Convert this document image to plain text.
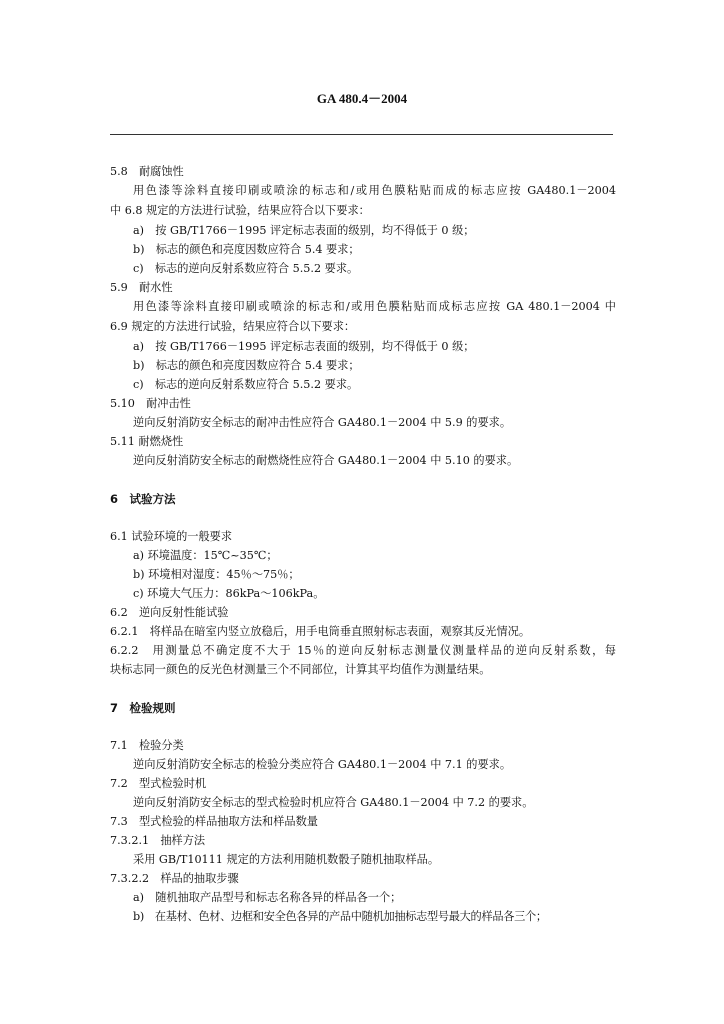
GA 480.4－2004
5.8　耐腐蚀性
用色漆等涂料直接印刷或喷涂的标志和/或用色膜粘贴而成的标志应按 GA480.1－2004
中 6.8 规定的方法进行试验，结果应符合以下要求：
a)　按 GB/T1766－1995 评定标志表面的级别，均不得低于 0 级；
b)　标志的颜色和亮度因数应符合 5.4 要求；
c)　标志的逆向反射系数应符合 5.5.2 要求。
5.9　耐水性
用色漆等涂料直接印刷或喷涂的标志和/或用色膜粘贴而成标志应按 GA 480.1－2004 中
6.9 规定的方法进行试验，结果应符合以下要求：
a)　按 GB/T1766－1995 评定标志表面的级别，均不得低于 0 级；
b)　标志的颜色和亮度因数应符合 5.4 要求；
c)　标志的逆向反射系数应符合 5.5.2 要求。
5.10　耐冲击性
逆向反射消防安全标志的耐冲击性应符合 GA480.1－2004 中 5.9 的要求。
5.11 耐燃烧性
逆向反射消防安全标志的耐燃烧性应符合 GA480.1－2004 中 5.10 的要求。
6　试验方法
6.1 试验环境的一般要求
a) 环境温度：15℃~35℃；
b) 环境相对湿度：45％～75％；
c) 环境大气压力：86kPa～106kPa。
6.2　逆向反射性能试验
6.2.1　将样品在暗室内竖立放稳后，用手电筒垂直照射标志表面，观察其反光情况。
6.2.2　用测量总不确定度不大于 15％的逆向反射标志测量仪测量样品的逆向反射系数，每
块标志同一颜色的反光色材测量三个不同部位，计算其平均值作为测量结果。
7　检验规则
7.1　检验分类
逆向反射消防安全标志的检验分类应符合 GA480.1－2004 中 7.1 的要求。
7.2　型式检验时机
逆向反射消防安全标志的型式检验时机应符合 GA480.1－2004 中 7.2 的要求。
7.3　型式检验的样品抽取方法和样品数量
7.3.2.1　抽样方法
采用 GB/T10111 规定的方法利用随机数骰子随机抽取样品。
7.3.2.2　样品的抽取步骤
a)　随机抽取产品型号和标志名称各异的样品各一个；
b)　在基材、色材、边框和安全色各异的产品中随机加抽标志型号最大的样品各三个；
